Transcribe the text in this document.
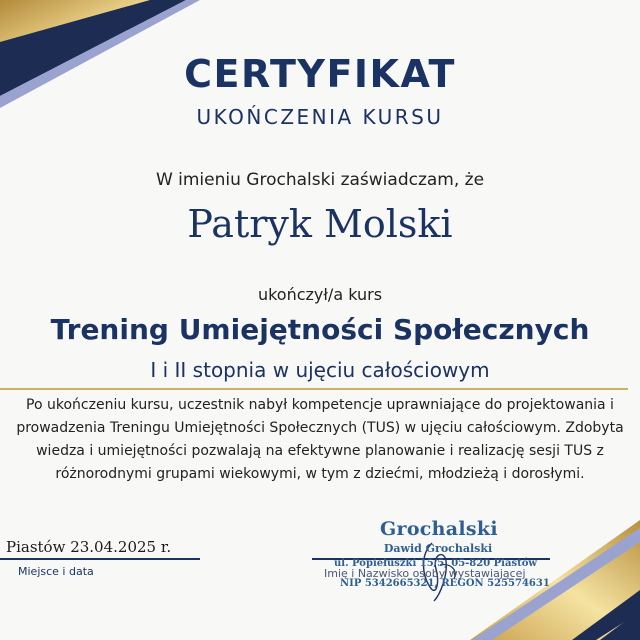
CERTYFIKAT
UKOŃCZENIA KURSU
W imieniu Grochalski zaświadczam, że
Patryk Molski
ukończył/a kurs
Trening Umiejętności Społecznych
I i II stopnia w ujęciu całościowym
Po ukończeniu kursu, uczestnik nabył kompetencje uprawniające do projektowania i
prowadzenia Treningu Umiejętności Społecznych (TUS) w ujęciu całościowym. Zdobyta
wiedza i umiejętności pozwalają na efektywne planowanie i realizację sesji TUS z
różnorodnymi grupami wiekowymi, w tym z dziećmi, młodzieżą i dorosłymi.
Piastów 23.04.2025 r.
Miejsce i data
Grochalski
Dawid Grochalski
ul. Popiełuszki 15/5, 05-820 Piastów
Imię i Nazwisko osoby wystawiającej
NIP 5342665321, REGON 525574631
